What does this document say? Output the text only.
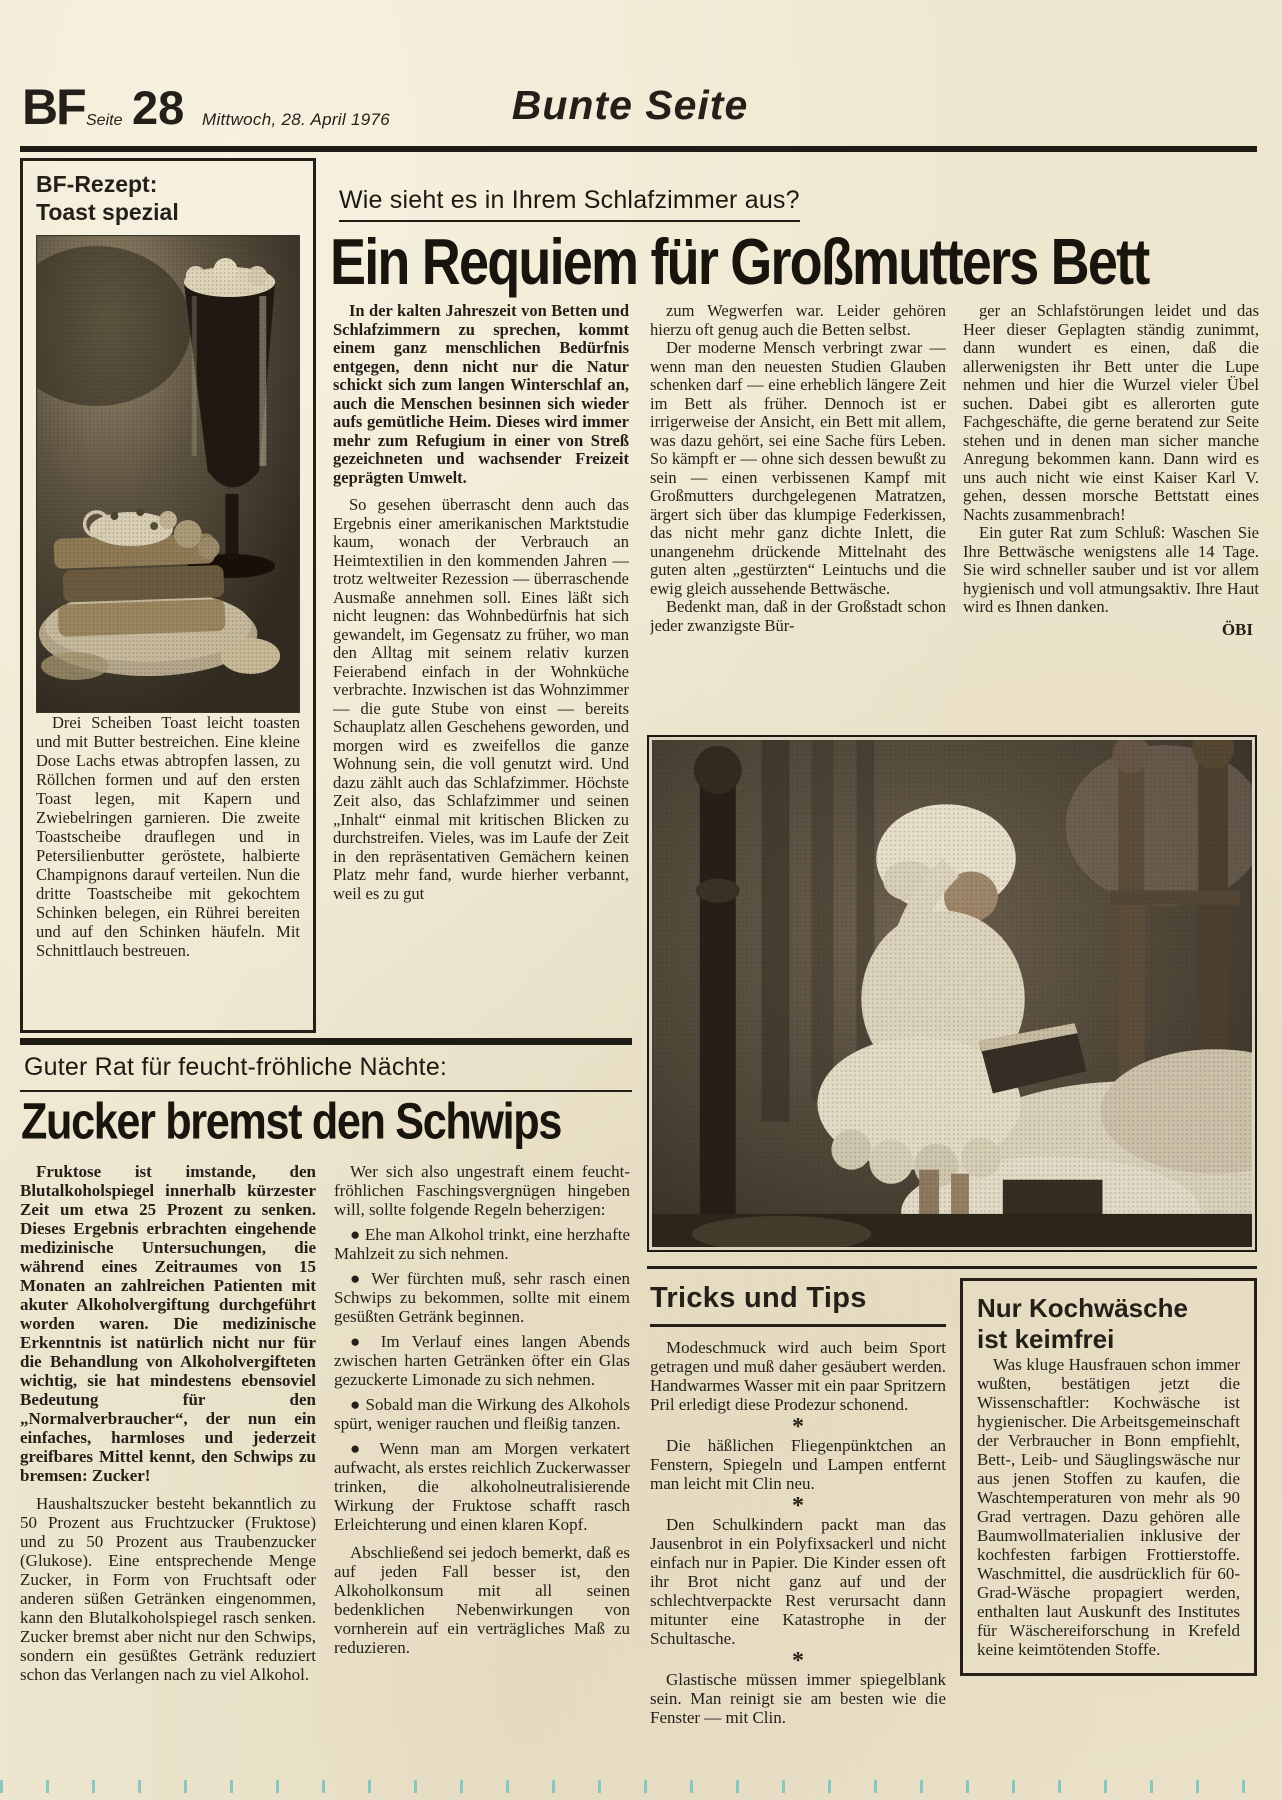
BF Seite 28 Mittwoch, 28. April 1976	Bunte Seite
BF-Rezept:
Toast spezial

Drei Scheiben Toast leicht toasten und mit Butter bestreichen. Eine kleine Dose Lachs etwas abtropfen lassen, zu Röllchen formen und auf den ersten Toast legen, mit Kapern und Zwiebelringen garnieren. Die zweite Toastscheibe drauflegen und in Petersilienbutter geröstete, halbierte Champignons darauf verteilen. Nun die dritte Toastscheibe mit gekochtem Schinken belegen, ein Rührei bereiten und auf den Schinken häufeln. Mit Schnittlauch bestreuen.

Wie sieht es in Ihrem Schlafzimmer aus?
Ein Requiem für Großmutters Bett

In der kalten Jahreszeit von Betten und Schlafzimmern zu sprechen, kommt einem ganz menschlichen Bedürfnis entgegen, denn nicht nur die Natur schickt sich zum langen Winterschlaf an, auch die Menschen besinnen sich wieder aufs gemütliche Heim. Dieses wird immer mehr zum Refugium in einer von Streß gezeichneten und wachsender Freizeit geprägten Umwelt.

So gesehen überrascht denn auch das Ergebnis einer amerikanischen Marktstudie kaum, wonach der Verbrauch an Heimtextilien in den kommenden Jahren — trotz weltweiter Rezession — überraschende Ausmaße annehmen soll. Eines läßt sich nicht leugnen: das Wohnbedürfnis hat sich gewandelt, im Gegensatz zu früher, wo man den Alltag mit seinem relativ kurzen Feierabend einfach in der Wohnküche verbrachte. Inzwischen ist das Wohnzimmer — die gute Stube von einst — bereits Schauplatz allen Geschehens geworden, und morgen wird es zweifellos die ganze Wohnung sein, die voll genutzt wird. Und dazu zählt auch das Schlafzimmer. Höchste Zeit also, das Schlafzimmer und seinen „Inhalt“ einmal mit kritischen Blicken zu durchstreifen. Vieles, was im Laufe der Zeit in den repräsentativen Gemächern keinen Platz mehr fand, wurde hierher verbannt, weil es zu gut

zum Wegwerfen war. Leider gehören hierzu oft genug auch die Betten selbst.

Der moderne Mensch verbringt zwar — wenn man den neuesten Studien Glauben schenken darf — eine erheblich längere Zeit im Bett als früher. Dennoch ist er irrigerweise der Ansicht, ein Bett mit allem, was dazu gehört, sei eine Sache fürs Leben. So kämpft er — ohne sich dessen bewußt zu sein — einen verbissenen Kampf mit Großmutters durchgelegenen Matratzen, ärgert sich über das klumpige Federkissen, das nicht mehr ganz dichte Inlett, die unangenehm drückende Mittelnaht des guten alten „gestürzten“ Leintuchs und die ewig gleich aussehende Bettwäsche.

Bedenkt man, daß in der Großstadt schon jeder zwanzigste Bür-

ger an Schlafstörungen leidet und das Heer dieser Geplagten ständig zunimmt, dann wundert es einen, daß die allerwenigsten ihr Bett unter die Lupe nehmen und hier die Wurzel vieler Übel suchen. Dabei gibt es allerorten gute Fachgeschäfte, die gerne beratend zur Seite stehen und in denen man sicher manche Anregung bekommen kann. Dann wird es uns auch nicht wie einst Kaiser Karl V. gehen, dessen morsche Bettstatt eines Nachts zusammenbrach!

Ein guter Rat zum Schluß: Waschen Sie Ihre Bettwäsche wenigstens alle 14 Tage. Sie wird schneller sauber und ist vor allem hygienisch und voll atmungsaktiv. Ihre Haut wird es Ihnen danken.

ÖBI
Guter Rat für feucht-fröhliche Nächte:
Zucker bremst den Schwips

Fruktose ist imstande, den Blutalkoholspiegel innerhalb kürzester Zeit um etwa 25 Prozent zu senken. Dieses Ergebnis erbrachten eingehende medizinische Untersuchungen, die während eines Zeitraumes von 15 Monaten an zahlreichen Patienten mit akuter Alkoholvergiftung durchgeführt worden waren. Die medizinische Erkenntnis ist natürlich nicht nur für die Behandlung von Alkoholvergifteten wichtig, sie hat mindestens ebensoviel Bedeutung für den „Normalverbraucher“, der nun ein einfaches, harmloses und jederzeit greifbares Mittel kennt, den Schwips zu bremsen: Zucker!

Haushaltszucker besteht bekanntlich zu 50 Prozent aus Fruchtzucker (Fruktose) und zu 50 Prozent aus Traubenzucker (Glukose). Eine entsprechende Menge Zucker, in Form von Fruchtsaft oder anderen süßen Getränken eingenommen, kann den Blutalkoholspiegel rasch senken. Zucker bremst aber nicht nur den Schwips, sondern ein gesüßtes Getränk reduziert schon das Verlangen nach zu viel Alkohol.

Wer sich also ungestraft einem feucht-fröhlichen Faschingsvergnügen hingeben will, sollte folgende Regeln beherzigen:

● Ehe man Alkohol trinkt, eine herzhafte Mahlzeit zu sich nehmen.

● Wer fürchten muß, sehr rasch einen Schwips zu bekommen, sollte mit einem gesüßten Getränk beginnen.

● Im Verlauf eines langen Abends zwischen harten Getränken öfter ein Glas gezuckerte Limonade zu sich nehmen.

● Sobald man die Wirkung des Alkohols spürt, weniger rauchen und fleißig tanzen.

● Wenn man am Morgen verkatert aufwacht, als erstes reichlich Zuckerwasser trinken, die alkoholneutralisierende Wirkung der Fruktose schafft rasch Erleichterung und einen klaren Kopf.

Abschließend sei jedoch bemerkt, daß es auf jeden Fall besser ist, den Alkoholkonsum mit all seinen bedenklichen Nebenwirkungen von vornherein auf ein verträgliches Maß zu reduzieren.

Tricks und Tips

Modeschmuck wird auch beim Sport getragen und muß daher gesäubert werden. Handwarmes Wasser mit ein paar Spritzern Pril erledigt diese Prodezur schonend.

*

Die häßlichen Fliegenpünktchen an Fenstern, Spiegeln und Lampen entfernt man leicht mit Clin neu.

*

Den Schulkindern packt man das Jausenbrot in ein Polyfixsackerl und nicht einfach nur in Papier. Die Kinder essen oft ihr Brot nicht ganz auf und der schlechtverpackte Rest verursacht dann mitunter eine Katastrophe in der Schultasche.

*

Glastische müssen immer spiegelblank sein. Man reinigt sie am besten wie die Fenster — mit Clin.

Nur Kochwäsche
ist keimfrei

Was kluge Hausfrauen schon immer wußten, bestätigen jetzt die Wissenschaftler: Kochwäsche ist hygienischer. Die Arbeitsgemeinschaft der Verbraucher in Bonn empfiehlt, Bett-, Leib- und Säuglingswäsche nur aus jenen Stoffen zu kaufen, die Waschtemperaturen von mehr als 90 Grad vertragen. Dazu gehören alle Baumwollmaterialien inklusive der kochfesten farbigen Frottierstoffe. Waschmittel, die ausdrücklich für 60-Grad-Wäsche propagiert werden, enthalten laut Auskunft des Institutes für Wäschereiforschung in Krefeld keine keimtötenden Stoffe.
